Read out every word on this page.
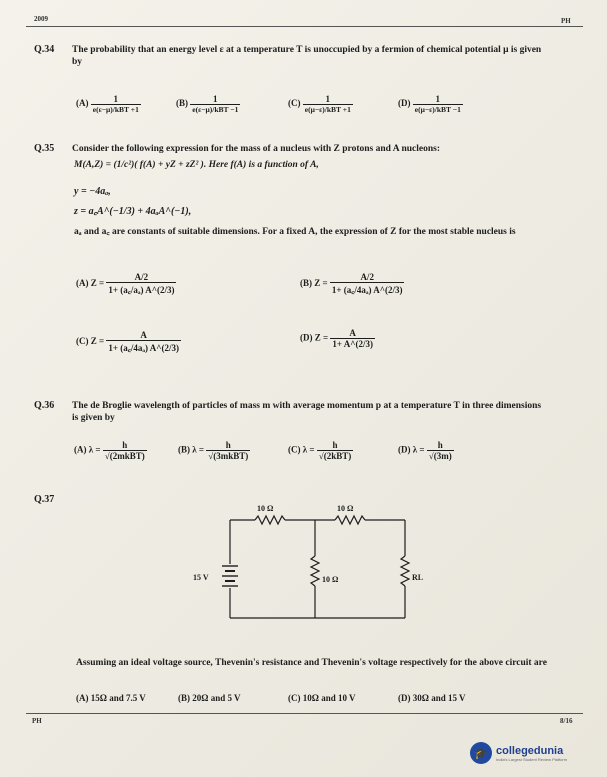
2009	PH
Q.34 The probability that an energy level ε at a temperature T is unoccupied by a fermion of chemical potential μ is given by
$(A) \frac{1}{\text{e(ε−μ)/kBT +1}}$	$(B) \frac{1}{\text{e(ε−μ)/kBT −1}}$	$(C) \frac{1}{\text{e(μ−ε)/kBT +1}}$	$(D) \frac{1}{\text{e(μ−ε)/kBT −1}}$
Q.35 Consider the following expression for the mass of a nucleus with Z protons and A nucleons:
M(A,Z) = (1/c²)( f(A) + yZ + zZ² ). Here f(A) is a function of A,
y = −4aₐ,
z = a꜀A^(−1/3) + 4aₐA^(−1),
aₐ and a꜀ are constants of suitable dimensions. For a fixed A, the expression of Z for the most stable nucleus is
(A) $Z = \frac{A/2}{\text{1+ (a꜀/aₐ) A\textasciicircum{}(2/3)}}$	(B) $Z = \frac{A/2}{\text{1+ (a꜀/4aₐ) A\textasciicircum{}(2/3)}}$
(C) $Z = \frac{A}{\text{1+ (a꜀/4aₐ) A\textasciicircum{}(2/3)}}$	(D) $Z = \frac{A}{1+ A\^{}(2/3)}$
Q.36 The de Broglie wavelength of particles of mass m with average momentum p at a temperature T in three dimensions is given by
(A) $\lambda = \frac{h}{\text{√(2mkBT)}}$	(B) $\lambda = \frac{h}{\text{√(3mkBT)}}$	(C) $\lambda = \frac{h}{\text{√(2kBT)}}$	(D) $\lambda = \frac{h}{√(3m)}$
Q.37
10 Ω	10 Ω
15 V	10 Ω	RL
Assuming an ideal voltage source, Thevenin's resistance and Thevenin's voltage respectively for the above circuit are
(A) 15Ω and 7.5 V	(B) 20Ω and 5 V	(C) 10Ω and 10 V	(D) 30Ω and 15 V
PH	8/16
🎓 collegedunia
India's Largest Student Review Platform
